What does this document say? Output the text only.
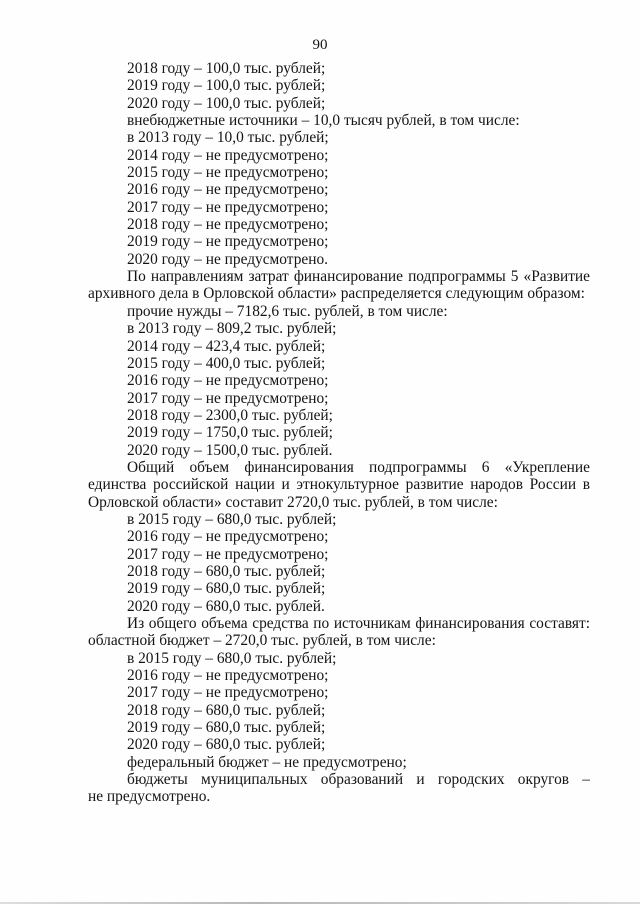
90

2018 году – 100,0 тыс. рублей;

2019 году – 100,0 тыс. рублей;

2020 году – 100,0 тыс. рублей;

внебюджетные источники – 10,0 тысяч рублей, в том числе:

в 2013 году – 10,0 тыс. рублей;

2014 году – не предусмотрено;

2015 году – не предусмотрено;

2016 году – не предусмотрено;

2017 году – не предусмотрено;

2018 году – не предусмотрено;

2019 году – не предусмотрено;

2020 году – не предусмотрено.

По направлениям затрат финансирование подпрограммы 5 «Развитие архивного дела в Орловской области» распределяется следующим образом:

прочие нужды – 7182,6 тыс. рублей, в том числе:

в 2013 году – 809,2 тыс. рублей;

2014 году – 423,4 тыс. рублей;

2015 году – 400,0 тыс. рублей;

2016 году – не предусмотрено;

2017 году – не предусмотрено;

2018 году – 2300,0 тыс. рублей;

2019 году – 1750,0 тыс. рублей;

2020 году – 1500,0 тыс. рублей.

Общий объем финансирования подпрограммы 6 «Укрепление единства российской нации и этнокультурное развитие народов России в Орловской области» составит 2720,0 тыс. рублей, в том числе:

в 2015 году – 680,0 тыс. рублей;

2016 году – не предусмотрено;

2017 году – не предусмотрено;

2018 году – 680,0 тыс. рублей;

2019 году – 680,0 тыс. рублей;

2020 году – 680,0 тыс. рублей.

Из общего объема средства по источникам финансирования составят: областной бюджет – 2720,0 тыс. рублей, в том числе:

в 2015 году – 680,0 тыс. рублей;

2016 году – не предусмотрено;

2017 году – не предусмотрено;

2018 году – 680,0 тыс. рублей;

2019 году – 680,0 тыс. рублей;

2020 году – 680,0 тыс. рублей;

федеральный бюджет – не предусмотрено;

бюджеты муниципальных образований и городских округов –

не предусмотрено.
